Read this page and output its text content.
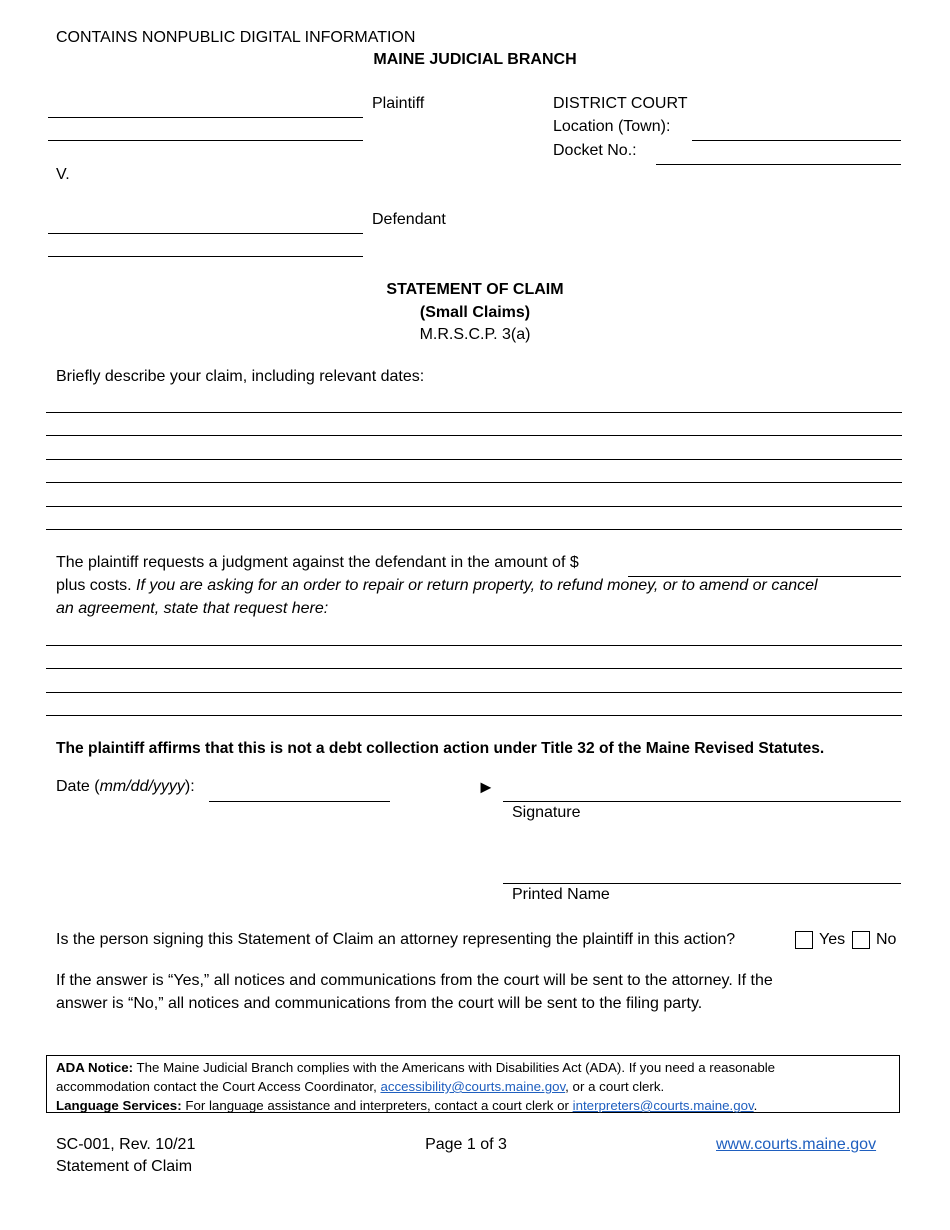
CONTAINS NONPUBLIC DIGITAL INFORMATION
MAINE JUDICIAL BRANCH
Plaintiff
V.
Defendant
DISTRICT COURT
Location (Town):
Docket No.:
STATEMENT OF CLAIM
(Small Claims)
M.R.S.C.P. 3(a)
Briefly describe your claim, including relevant dates:
The plaintiff requests a judgment against the defendant in the amount of $
plus costs. If you are asking for an order to repair or return property, to refund money, or to amend or cancel
an agreement, state that request here:
The plaintiff affirms that this is not a debt collection action under Title 32 of the Maine Revised Statutes.
Date (mm/dd/yyyy):	►
Signature
Printed Name
Is the person signing this Statement of Claim an attorney representing the plaintiff in this action?	Yes No
If the answer is “Yes,” all notices and communications from the court will be sent to the attorney. If the
answer is “No,” all notices and communications from the court will be sent to the filing party.
ADA Notice: The Maine Judicial Branch complies with the Americans with Disabilities Act (ADA). If you need a reasonable
accommodation contact the Court Access Coordinator, accessibility@courts.maine.gov, or a court clerk.
Language Services: For language assistance and interpreters, contact a court clerk or interpreters@courts.maine.gov.
SC-001, Rev. 10/21
Statement of Claim
Page 1 of 3	www.courts.maine.gov
